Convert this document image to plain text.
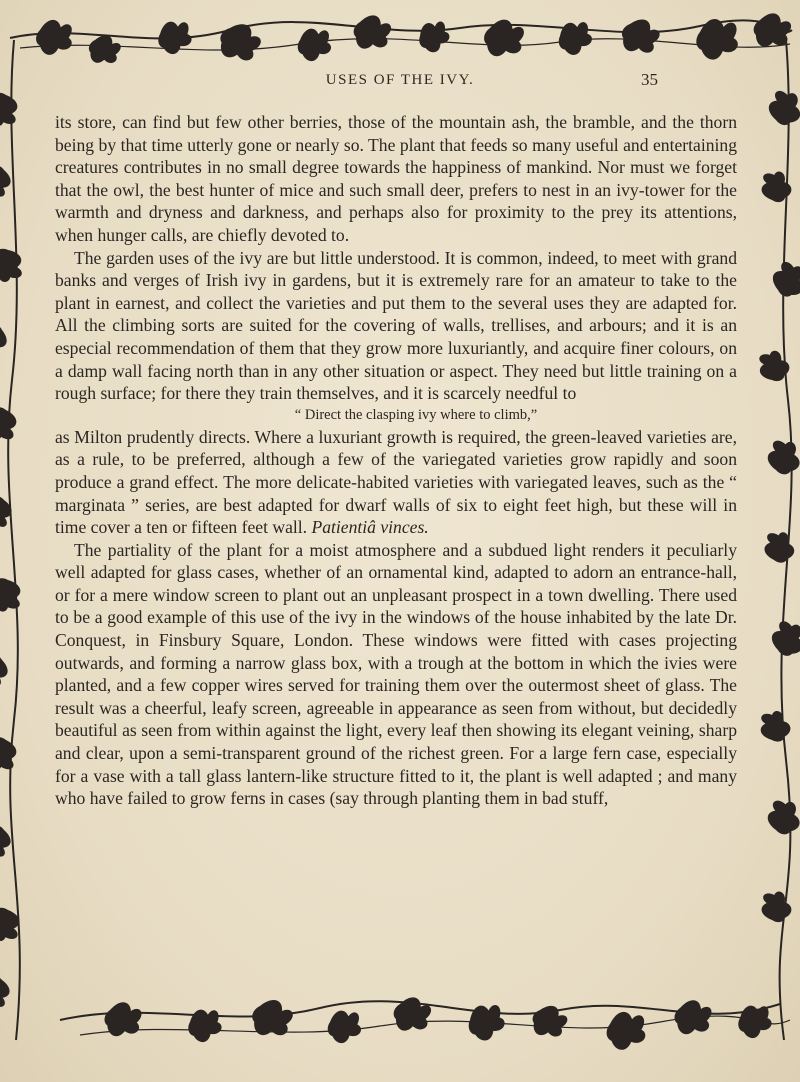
USES OF THE IVY.	35

its store, can find but few other berries, those of the mountain ash, the bramble, and the thorn being by that time utterly gone or nearly so. The plant that feeds so many useful and entertaining creatures contributes in no small degree towards the happiness of mankind. Nor must we forget that the owl, the best hunter of mice and such small deer, prefers to nest in an ivy-tower for the warmth and dryness and darkness, and perhaps also for proximity to the prey its attentions, when hunger calls, are chiefly devoted to.

The garden uses of the ivy are but little understood. It is common, indeed, to meet with grand banks and verges of Irish ivy in gardens, but it is extremely rare for an amateur to take to the plant in earnest, and collect the varieties and put them to the several uses they are adapted for. All the climbing sorts are suited for the covering of walls, trellises, and arbours; and it is an especial recommendation of them that they grow more luxuriantly, and acquire finer colours, on a damp wall facing north than in any other situation or aspect. They need but little training on a rough surface; for there they train themselves, and it is scarcely needful to

“ Direct the clasping ivy where to climb,”

as Milton prudently directs. Where a luxuriant growth is required, the green-leaved varieties are, as a rule, to be preferred, although a few of the variegated varieties grow rapidly and soon produce a grand effect. The more delicate-habited varieties with variegated leaves, such as the “ marginata ” series, are best adapted for dwarf walls of six to eight feet high, but these will in time cover a ten or fifteen feet wall. Patientiâ vinces.

The partiality of the plant for a moist atmosphere and a subdued light renders it peculiarly well adapted for glass cases, whether of an ornamental kind, adapted to adorn an entrance-hall, or for a mere window screen to plant out an unpleasant prospect in a town dwelling. There used to be a good example of this use of the ivy in the windows of the house inhabited by the late Dr. Conquest, in Finsbury Square, London. These windows were fitted with cases projecting outwards, and forming a narrow glass box, with a trough at the bottom in which the ivies were planted, and a few copper wires served for training them over the outermost sheet of glass. The result was a cheerful, leafy screen, agreeable in appearance as seen from without, but decidedly beautiful as seen from within against the light, every leaf then showing its elegant veining, sharp and clear, upon a semi-transparent ground of the richest green. For a large fern case, especially for a vase with a tall glass lantern-like structure fitted to it, the plant is well adapted ; and many who have failed to grow ferns in cases (say through planting them in bad stuff,
